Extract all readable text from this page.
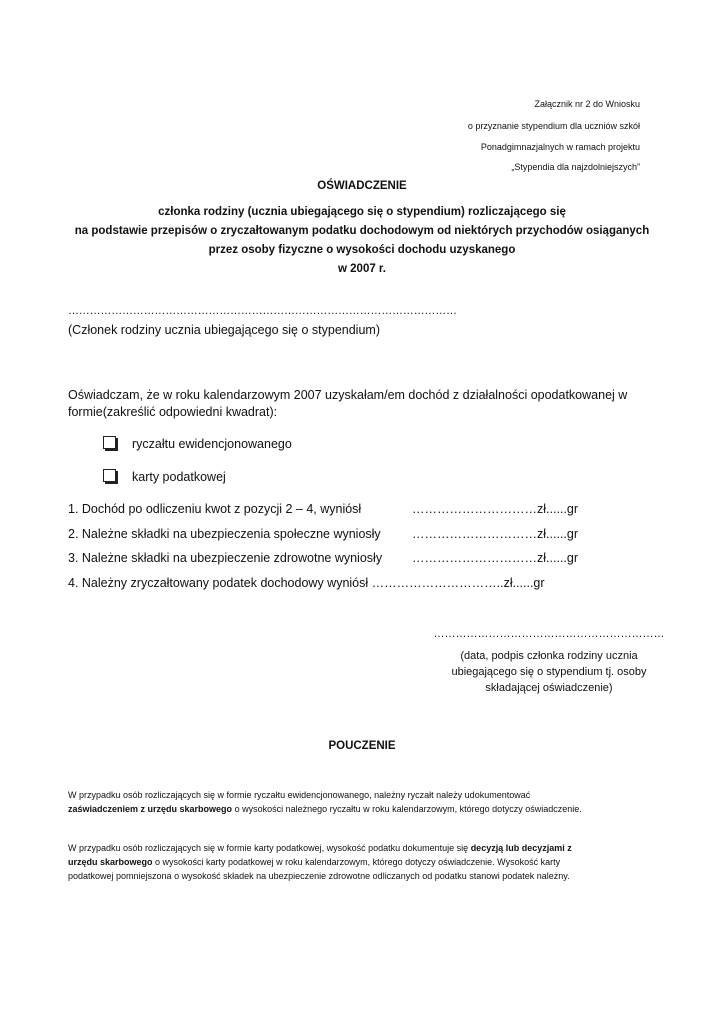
Załącznik nr 2 do Wniosku
o przyznanie stypendium dla uczniów szkół
Ponadgimnazjalnych w ramach projektu
„Stypendia dla najzdolniejszych”
OŚWIADCZENIE
członka rodziny (ucznia ubiegającego się o stypendium) rozliczającego się
na podstawie przepisów o zryczałtowanym podatku dochodowym od niektórych przychodów osiąganych
przez osoby fizyczne o wysokości dochodu uzyskanego
w 2007 r.
………………………………………………………………………………………………
(Członek rodziny ucznia ubiegającego się o stypendium)
Oświadczam, że w roku kalendarzowym 2007 uzyskałam/em dochód z działalności opodatkowanej w
formie(zakreślić odpowiedni kwadrat):
ryczałtu ewidencjonowanego
karty podatkowej
1. Dochód po odliczeniu kwot z pozycji 2 – 4, wyniósł	…………………………zł......gr
2. Należne składki na ubezpieczenia społeczne wyniosły	…………………………zł......gr
3. Należne składki na ubezpieczenie zdrowotne wyniosły …………………………zł......gr
4. Należny zryczałtowany podatek dochodowy wyniósł …………………………..zł......gr
………………………………………………………
(data, podpis członka rodziny ucznia
ubiegającego się o stypendium tj. osoby
składającej oświadczenie)
POUCZENIE
W przypadku osób rozliczających się w formie ryczałtu ewidencjonowanego, należny ryczałt należy udokumentować
zaświadczeniem z urzędu skarbowego o wysokości należnego ryczałtu w roku kalendarzowym, którego dotyczy oświadczenie.
W przypadku osób rozliczających się w formie karty podatkowej, wysokość podatku dokumentuje się decyzją lub decyzjami z
urzędu skarbowego o wysokości karty podatkowej w roku kalendarzowym, którego dotyczy oświadczenie. Wysokość karty
podatkowej pomniejszona o wysokość składek na ubezpieczenie zdrowotne odliczanych od podatku stanowi podatek należny.
